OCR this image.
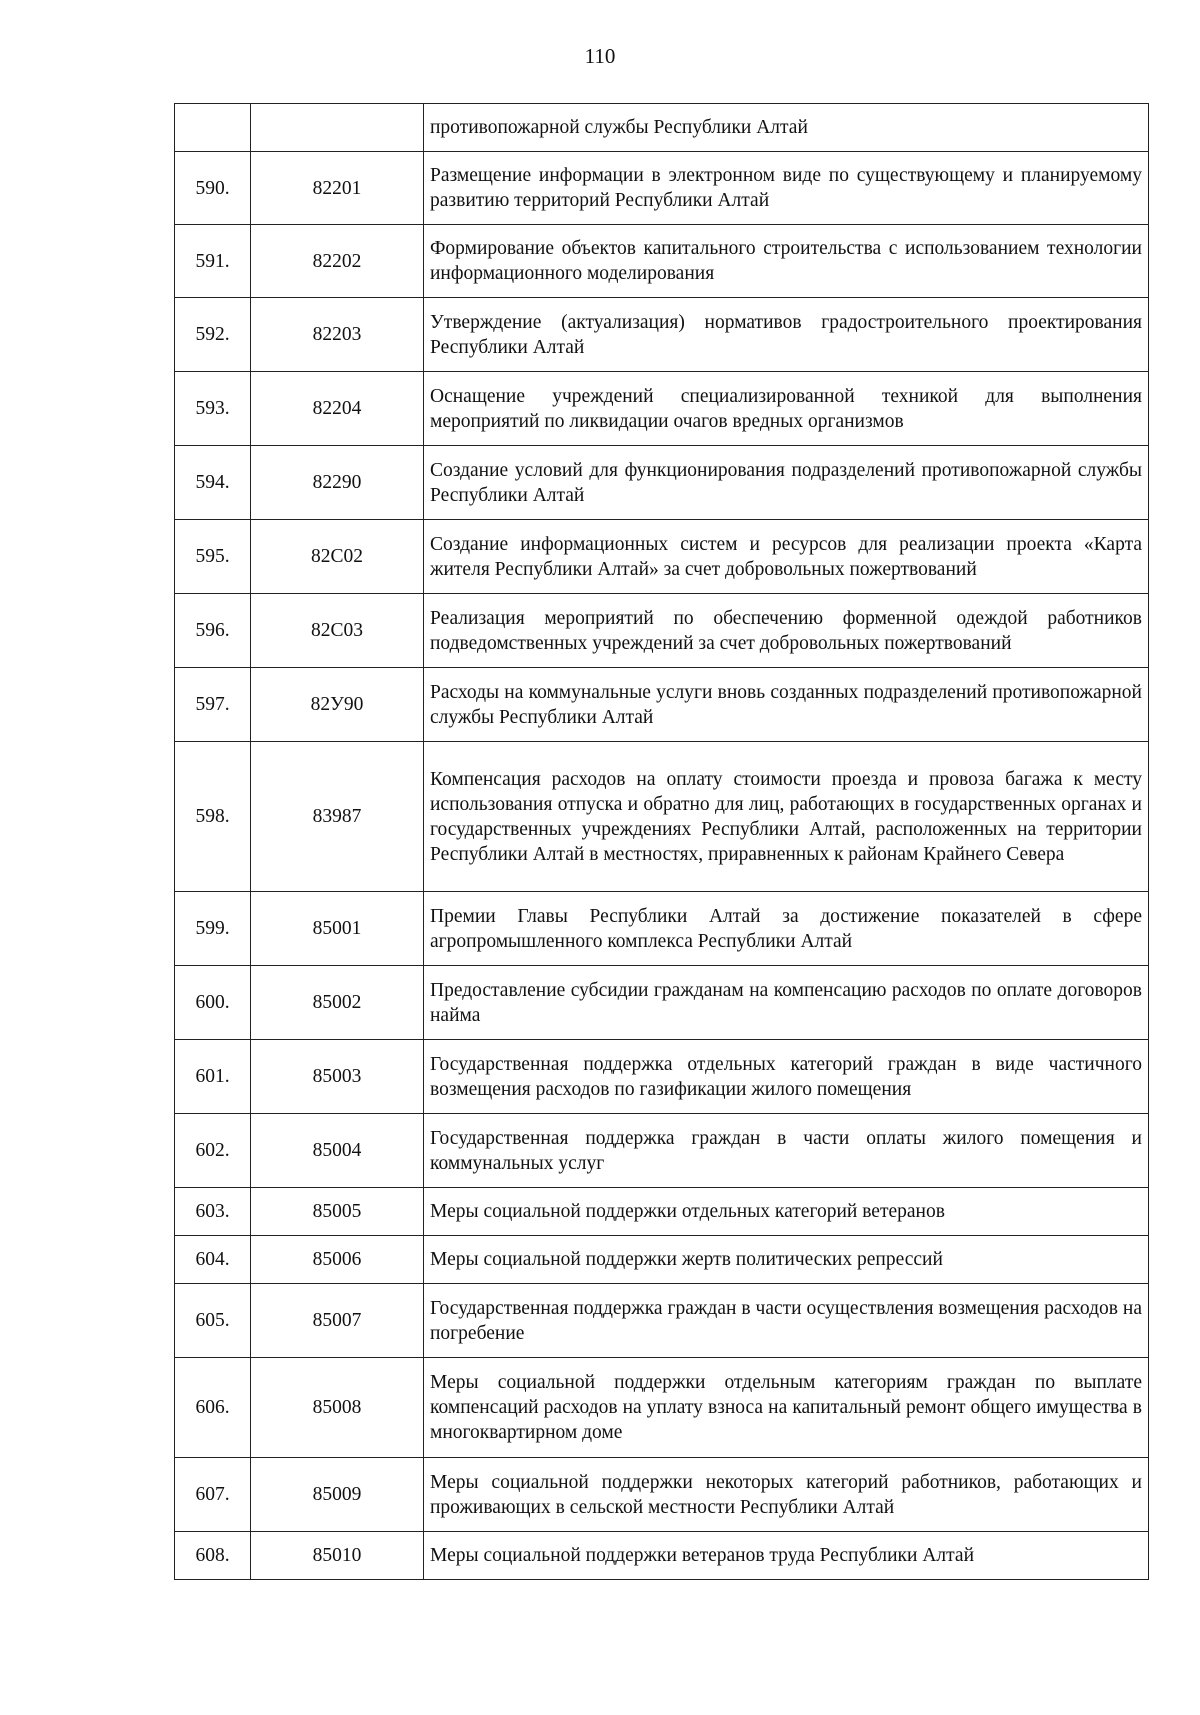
110
		противопожарной службы Республики Алтай
590.	82201	Размещение информации в электронном виде по существующему и планируемому развитию территорий Республики Алтай
591.	82202	Формирование объектов капитального строительства с использованием технологии информационного моделирования
592.	82203	Утверждение (актуализация) нормативов градостроительного проектирования Республики Алтай
593.	82204	Оснащение учреждений специализированной техникой для выполнения мероприятий по ликвидации очагов вредных организмов
594.	82290	Создание условий для функционирования подразделений противопожарной службы Республики Алтай
595.	82С02	Создание информационных систем и ресурсов для реализации проекта «Карта жителя Республики Алтай» за счет добровольных пожертвований
596.	82С03	Реализация мероприятий по обеспечению форменной одеждой работников подведомственных учреждений за счет добровольных пожертвований
597.	82У90	Расходы на коммунальные услуги вновь созданных подразделений противопожарной службы Республики Алтай
598.	83987	Компенсация расходов на оплату стоимости проезда и провоза багажа к месту использования отпуска и обратно для лиц, работающих в государственных органах и государственных учреждениях Республики Алтай, расположенных на территории Республики Алтай в местностях, приравненных к районам Крайнего Севера
599.	85001	Премии Главы Республики Алтай за достижение показателей в сфере агропромышленного комплекса Республики Алтай
600.	85002	Предоставление субсидии гражданам на компенсацию расходов по оплате договоров найма
601.	85003	Государственная поддержка отдельных категорий граждан в виде частичного возмещения расходов по газификации жилого помещения
602.	85004	Государственная поддержка граждан в части оплаты жилого помещения и коммунальных услуг
603.	85005	Меры социальной поддержки отдельных категорий ветеранов
604.	85006	Меры социальной поддержки жертв политических репрессий
605.	85007	Государственная поддержка граждан в части осуществления возмещения расходов на погребение
606.	85008	Меры социальной поддержки отдельным категориям граждан по выплате компенсаций расходов на уплату взноса на капитальный ремонт общего имущества в многоквартирном доме
607.	85009	Меры социальной поддержки некоторых категорий работников, работающих и проживающих в сельской местности Республики Алтай
608.	85010	Меры социальной поддержки ветеранов труда Республики Алтай
